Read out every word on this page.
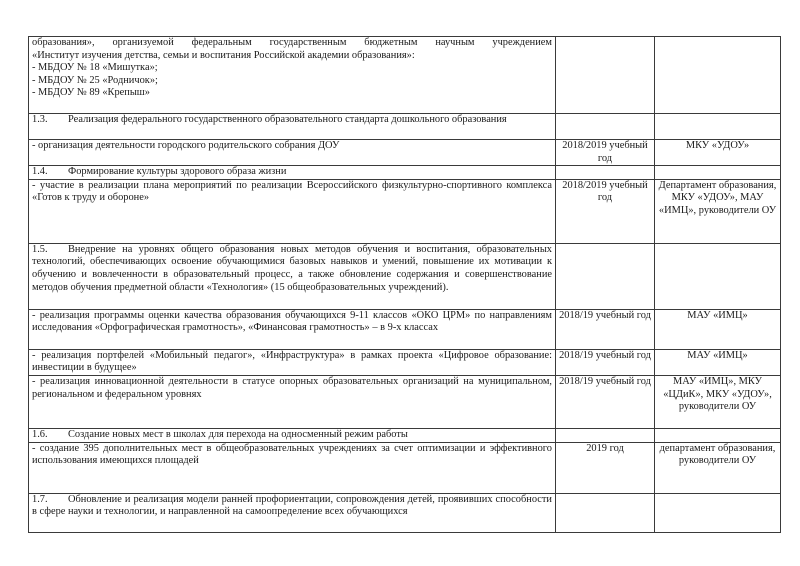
образования», организуемой федеральным государственным бюджетным научным учреждением
«Институт изучения детства, семьи и воспитания Российской академии образования»:
- МБДОУ № 18 «Мишутка»;
- МБДОУ № 25 «Родничок»;
- МБДОУ № 89 «Крепыш»		

1.3. Реализация федерального государственного образовательного стандарта дошкольного образования		
- организация деятельности городского родительского собрания ДОУ	2018/2019 учебный год	МКУ «УДОУ»
1.4. Формирование культуры здорового образа жизни		
- участие в реализации плана мероприятий по реализации Всероссийского физкультурно-спортивного комплекса «Готов к труду и обороне»	2018/2019 учебный год	Департамент образования, МКУ «УДОУ», МАУ «ИМЦ», руководители ОУ
1.5. Внедрение на уровнях общего образования новых методов обучения и воспитания, образовательных технологий, обеспечивающих освоение обучающимися базовых навыков и умений, повышение их мотивации к обучению и вовлеченности в образовательный процесс, а также обновление содержания и совершенствование методов обучения предметной области «Технология» (15 общеобразовательных учреждений).		
- реализация программы оценки качества образования обучающихся 9-11 классов «ОКО ЦРМ» по направлениям исследования «Орфографическая грамотность», «Финансовая грамотность» – в 9-х классах	2018/19 учебный год	МАУ «ИМЦ»
- реализация портфелей «Мобильный педагог», «Инфраструктура» в рамках проекта «Цифровое образование: инвестиции в будущее»	2018/19 учебный год	МАУ «ИМЦ»
- реализация инновационной деятельности в статусе опорных образовательных организаций на муниципальном, региональном и федеральном уровнях	2018/19 учебный год	МАУ «ИМЦ», МКУ «ЦДиК», МКУ «УДОУ», руководители ОУ
1.6. Создание новых мест в школах для перехода на односменный режим работы		
- создание 395 дополнительных мест в общеобразовательных учреждениях за счет оптимизации и эффективного использования имеющихся площадей	2019 год	департамент образования, руководители ОУ
1.7. Обновление и реализация модели ранней профориентации, сопровождения детей, проявивших способности в сфере науки и технологии, и направленной на самоопределение всех обучающихся		
